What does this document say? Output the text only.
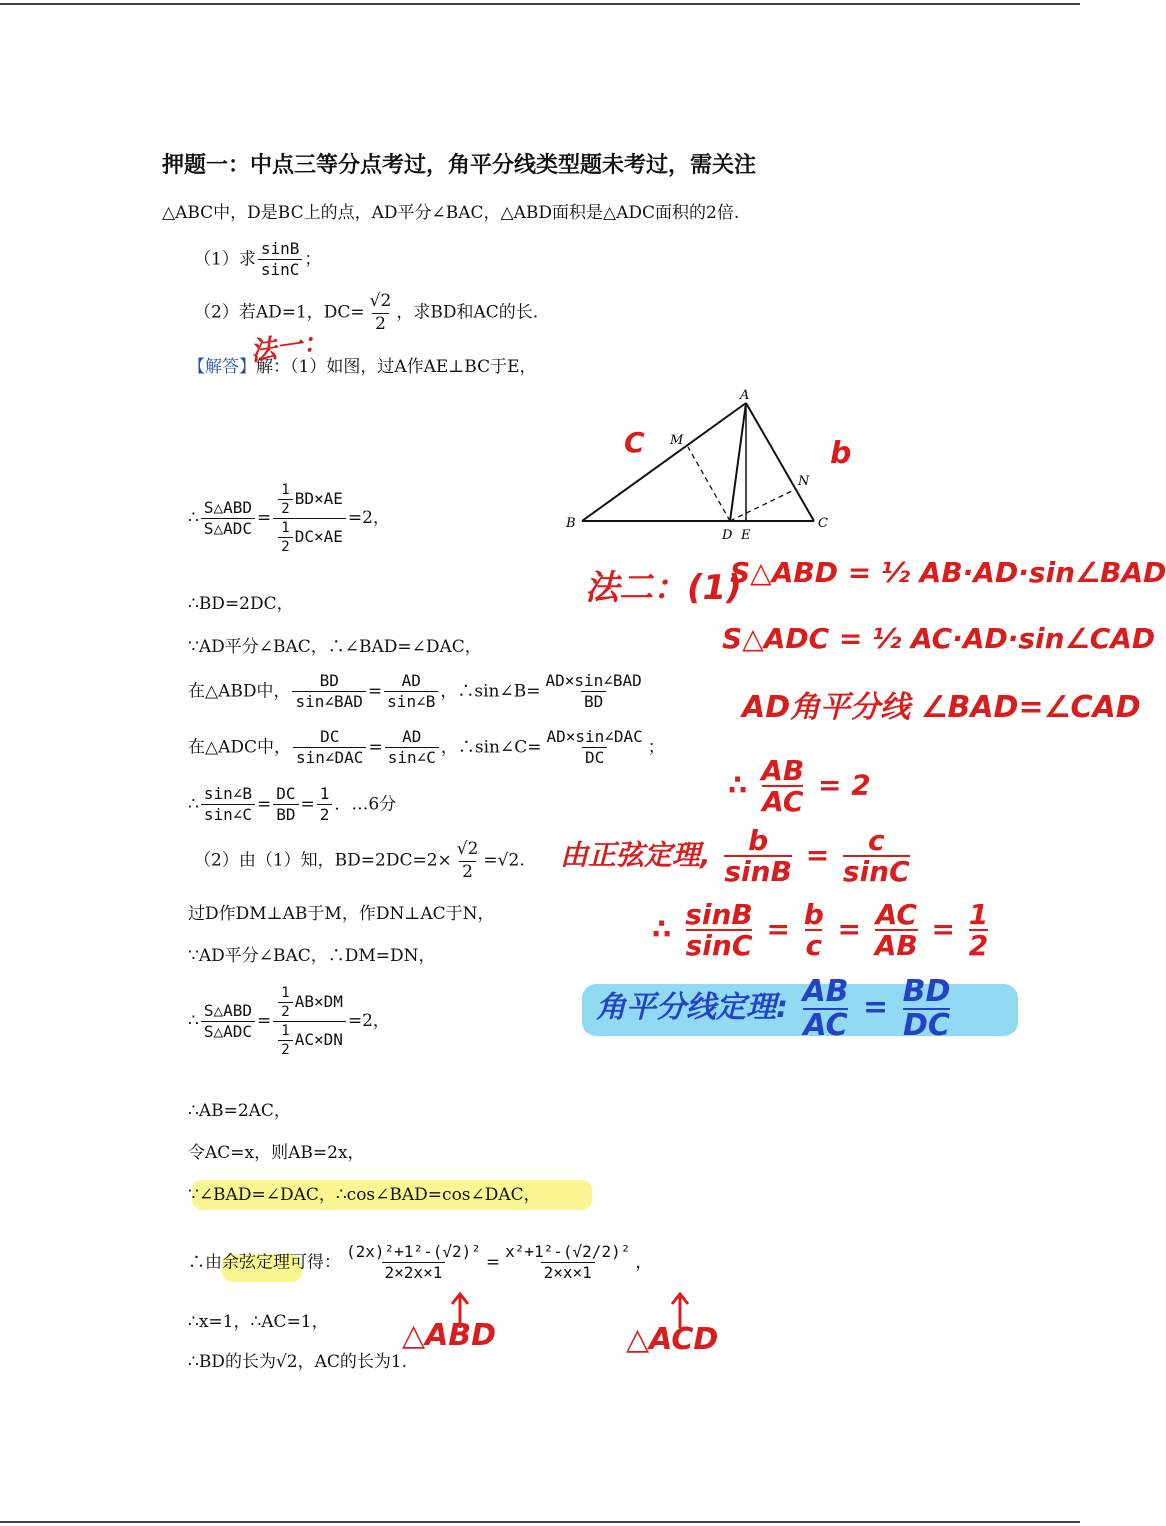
押题一：中点三等分点考过，角平分线类型题未考过，需关注
△ABC中，D是BC上的点，AD平分∠BAC，△ABD面积是△ADC面积的2倍.
（1）求 $\frac{\sin B}{\sin C}$ ；
（2）若AD=1，$DC= \frac{√2}{2}$ ，求BD和AC的长.
【解答】解：（1）如图，过A作AE⊥BC于E，
∴ $\frac{\text{S△ABD}}{\text{S△ADC}} = \frac{\frac{1}{2} BD\times AE}{\frac{1}{2} DC\times AE} =2$，
∴BD=2DC，
∵AD平分∠BAC，∴∠BAD=∠DAC，
在△ABD中， $\frac{BD}{\text{sin∠BAD}} = \frac{AD}{\sin\angle B}$ ，∴sin∠B= $\frac{\text{AD×sin∠BAD}}{BD}$
在△ADC中， $\frac{DC}{\text{sin∠DAC}} = \frac{AD}{\sin\angle C}$ ，∴sin∠C= $\frac{\text{AD×sin∠DAC}}{DC}$ ；
∴ $\frac{\sin\angle B}{\sin\angle C} = \frac{DC}{BD} = \frac{1}{2}$ ．…6分
（2）由（1）知，$BD=2DC=2\times \frac{√2}{2} =√2$.
过D作DM⊥AB于M，作DN⊥AC于N，
∵AD平分∠BAC，∴DM=DN，
∴ $\frac{\text{S△ABD}}{\text{S△ADC}} = \frac{\frac{1}{2} AB\times DM}{\frac{1}{2} AC\times DN} =2$，
∴AB=2AC，
令AC=x，则AB=2x，
∵∠BAD=∠DAC，∴cos∠BAD=cos∠DAC，
∴由余弦定理可得： $\frac{\text{(2x)²+1²-(√2)²}}{2\times 2x\times 1} = \frac{\text{x²+1²-(√2/2)²}}{2\times x\times 1}$ ，
∴x=1，∴AC=1，
∴BD的长为√2，AC的长为1.
A
B	C
D E
M
N
法一：
C	b
法二：(1)
S△ABD = ½ AB·AD·sin∠BAD
S△ADC = ½ AC·AD·sin∠CAD
AD角平分线 ∠BAD=∠CAD
∴ $\frac{AB}{AC} = 2$
由正弦定理, $\frac{b}{\sin B} = \frac{c}{\sin C}$
∴ $\frac{\sin B}{\sin C} = \frac{b}{c} = \frac{AC}{AB} = \frac{1}{2}$
角平分线定理: $\frac{AB}{AC} = \frac{BD}{DC}$
△ABD	△ACD
